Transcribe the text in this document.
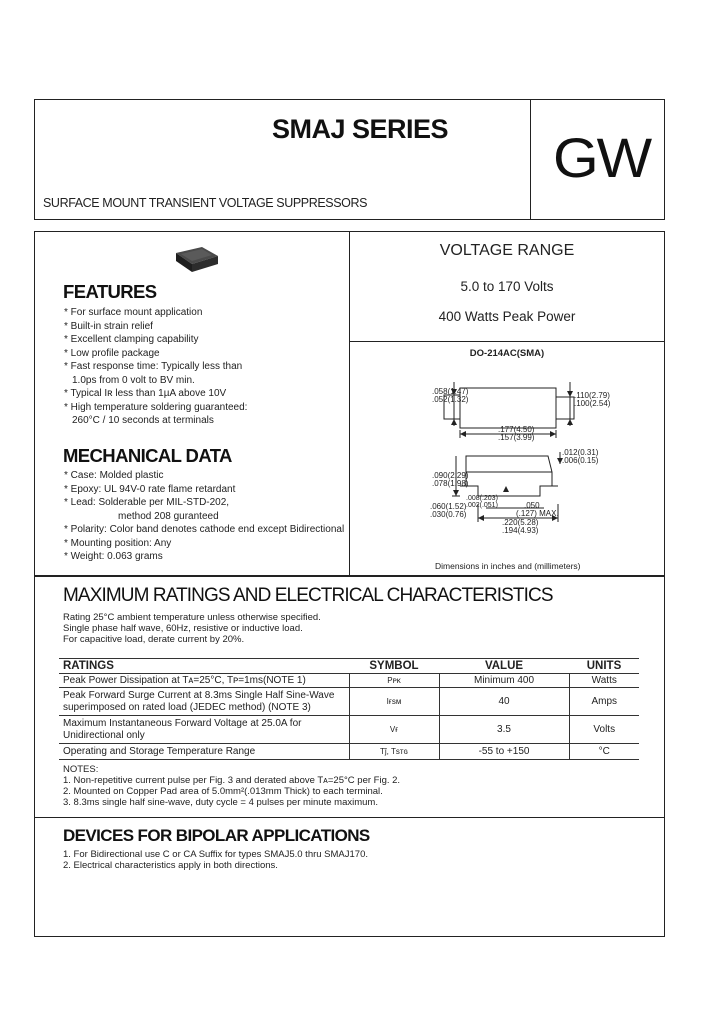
SMAJ SERIES
SURFACE MOUNT TRANSIENT VOLTAGE SUPPRESSORS
GW
FEATURES
* For surface mount application
* Built-in strain relief
* Excellent clamping capability
* Low profile package
* Fast response time: Typically less than
1.0ps from 0 volt to BV min.
* Typical Iʀ less than 1µA above 10V
* High temperature soldering guaranteed:
260°C / 10 seconds at terminals
MECHANICAL DATA
* Case: Molded plastic
* Epoxy: UL 94V-0 rate flame retardant
* Lead: Solderable per MIL-STD-202,
method 208 guranteed
* Polarity: Color band denotes cathode end except Bidirectional
* Mounting position: Any
* Weight: 0.063 grams
VOLTAGE RANGE
5.0 to 170 Volts
400 Watts Peak Power
DO-214AC(SMA)
.058(1.47)
.052(1.32)	.110(2.79)
.100(2.54)
.177(4.50)
.157(3.99)
.012(0.31)
.006(0.15)
.090(2.29)
.078(1.98)
.060(1.52)
.030(0.76)
.008(.203)
.002(.051)	.050
(.127) MAX.
.220(5.28)
.194(4.93)
Dimensions in inches and (millimeters)
MAXIMUM RATINGS AND ELECTRICAL CHARACTERISTICS
Rating 25°C ambient temperature unless otherwise specified.
Single phase half wave, 60Hz, resistive or inductive load.
For capacitive load, derate current by 20%.
RATINGS	SYMBOL	VALUE	UNITS
Peak Power Dissipation at Tᴀ=25°C, Tᴘ=1ms(NOTE 1)	Pᴘᴋ	Minimum 400	Watts

Peak Forward Surge Current at 8.3ms Single Half Sine-Wave
superimposed on rated load (JEDEC method) (NOTE 3)	Iғѕᴍ	40	Amps

Maximum Instantaneous Forward Voltage at 25.0A for
Unidirectional only	Vғ	3.5	Volts
Operating and Storage Temperature Range	Tĵ, Tѕᴛɢ	-55 to +150	°C
NOTES:
1. Non-repetitive current pulse per Fig. 3 and derated above Tᴀ=25°C per Fig. 2.
2. Mounted on Copper Pad area of 5.0mm²(.013mm Thick) to each terminal.
3. 8.3ms single half sine-wave, duty cycle = 4 pulses per minute maximum.
DEVICES FOR BIPOLAR APPLICATIONS
1. For Bidirectional use C or CA Suffix for types SMAJ5.0 thru SMAJ170.
2. Electrical characteristics apply in both directions.
